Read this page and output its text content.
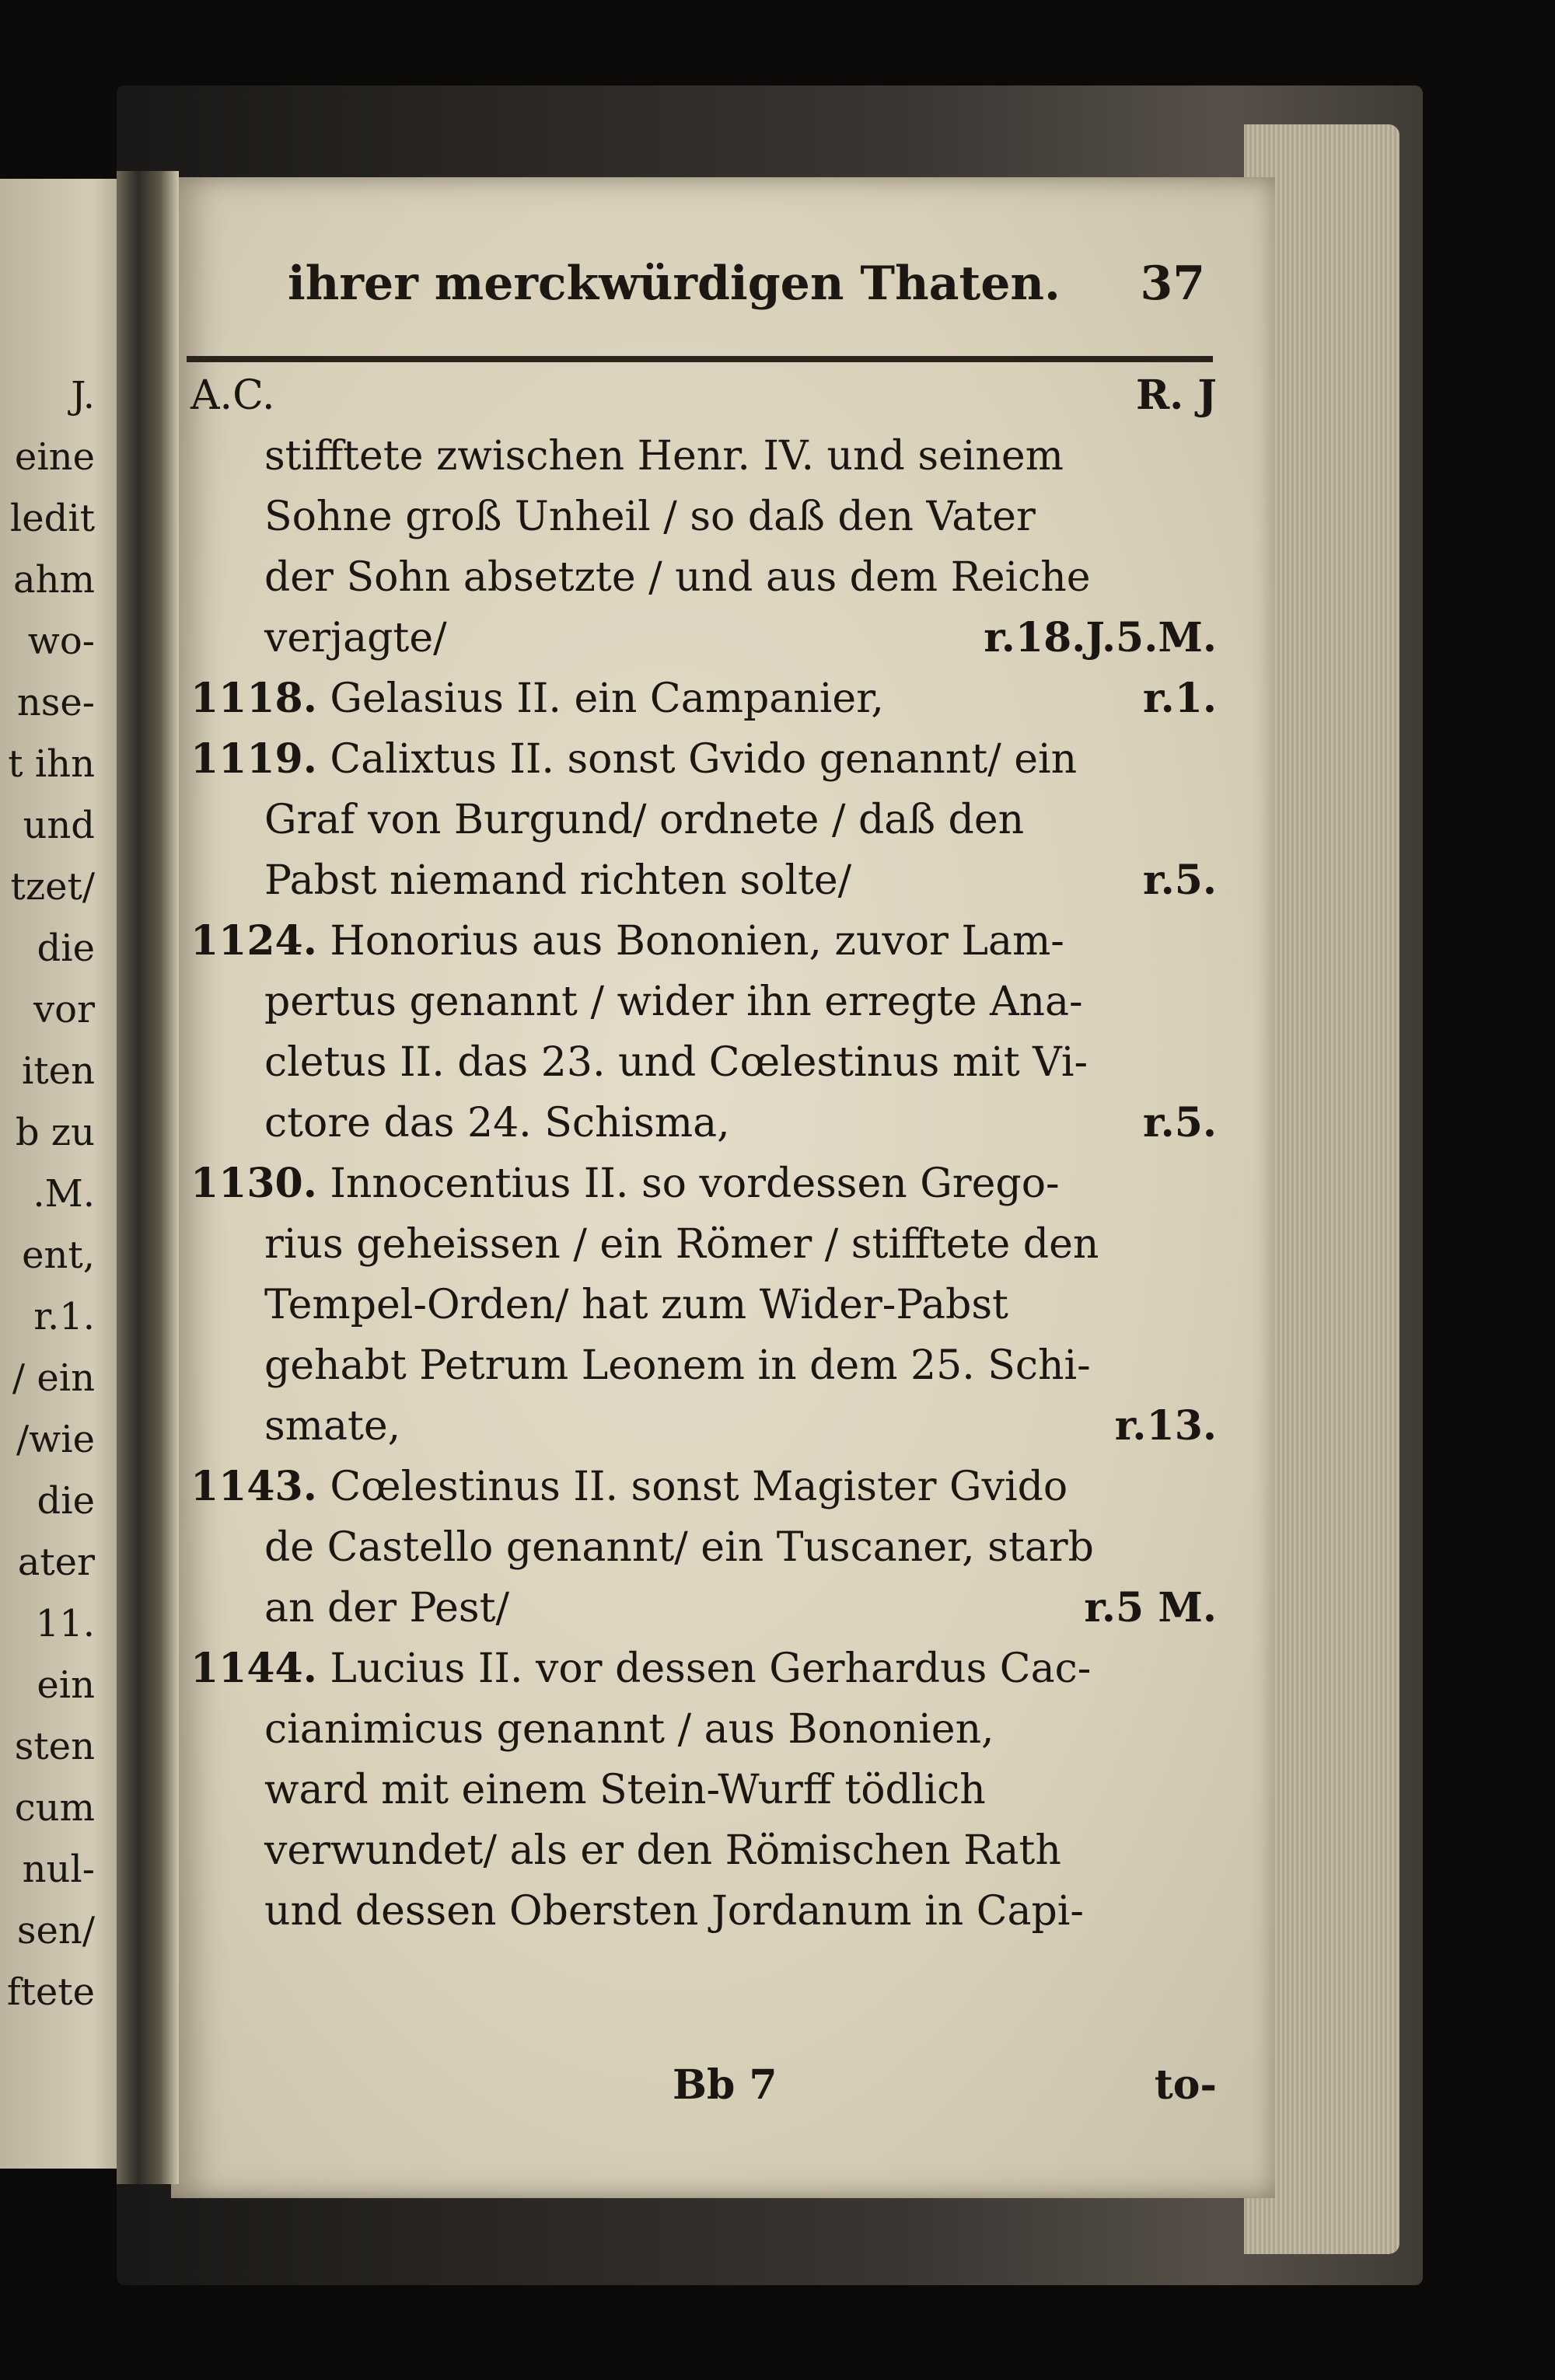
J.
eine
ledit
ahm
wo-
nse-
t ihn
und
tzet/
die
vor
iten
b zu
.M.
ent,
r.1.
/ ein
/wie
die
ater
11.
ein
sten
cum
nul-
sen/
ftete
ihrer merckwürdigen Thaten. 37
A.C.	R. J
stifftete zwischen Henr. IV. und seinem
Sohne groß Unheil / so daß den Vater
der Sohn absetzte / und aus dem Reiche
verjagte/	r.18.J.5.M.
1118. Gelasius II. ein Campanier,	r.1.
1119. Calixtus II. sonst Gvido genannt/ ein
Graf von Burgund/ ordnete / daß den
Pabst niemand richten solte/	r.5.
1124. Honorius aus Bononien, zuvor Lam-
pertus genannt / wider ihn erregte Ana-
cletus II. das 23. und Cœlestinus mit Vi-
ctore das 24. Schisma,	r.5.
1130. Innocentius II. so vordessen Grego-
rius geheissen / ein Römer / stifftete den
Tempel-Orden/ hat zum Wider-Pabst
gehabt Petrum Leonem in dem 25. Schi-
smate,	r.13.
1143. Cœlestinus II. sonst Magister Gvido
de Castello genannt/ ein Tuscaner, starb
an der Pest/	r.5 M.
1144. Lucius II. vor dessen Gerhardus Cac-
cianimicus genannt / aus Bononien,
ward mit einem Stein-Wurff tödlich
verwundet/ als er den Römischen Rath
und dessen Obersten Jordanum in Capi-
Bb 7	to-
